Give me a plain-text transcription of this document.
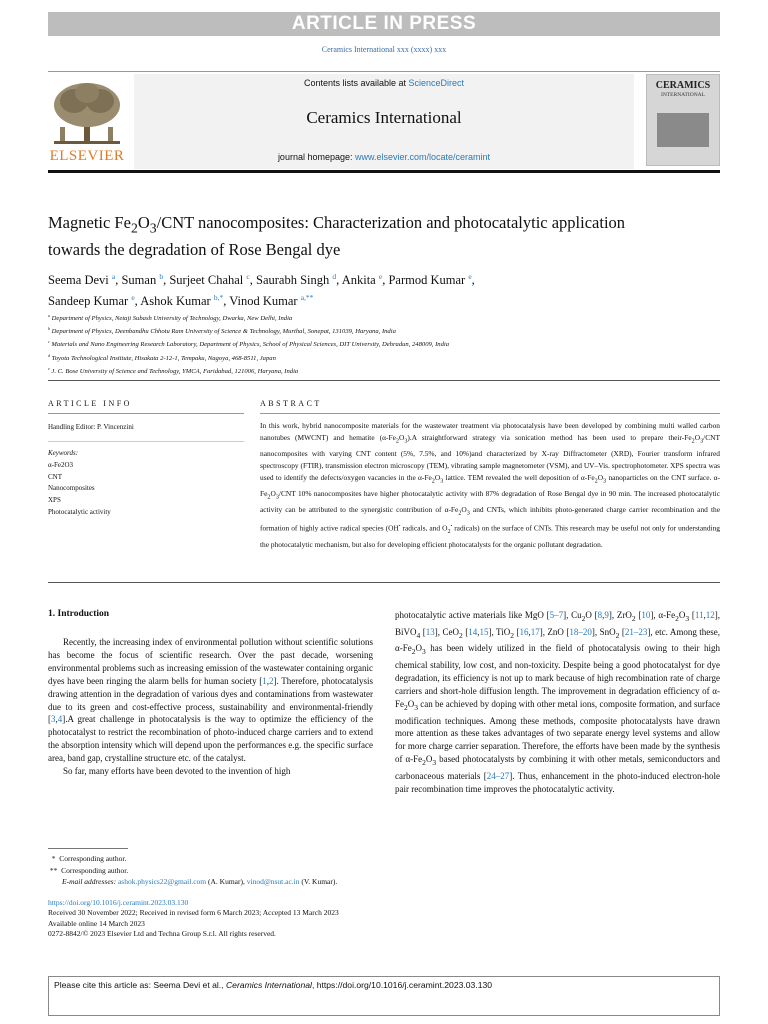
ARTICLE IN PRESS
Ceramics International xxx (xxxx) xxx
ELSEVIER
Contents lists available at ScienceDirect
Ceramics International
journal homepage: www.elsevier.com/locate/ceramint
CERAMICS
INTERNATIONAL
Magnetic $Fe_2O_3$/CNT nanocomposites: Characterization and photocatalytic application towards the degradation of Rose Bengal dye
Seema Devi $^a$, Suman $^b$, Surjeet Chahal $^c$, Saurabh Singh $^d$, Ankita $^e$, Parmod Kumar $^e$,
Sandeep Kumar $^e$, Ashok Kumar $^{b,*}$, Vinod Kumar $^{a,**}$
$^a$ Department of Physics, Netaji Subash University of Technology, Dwarka, New Delhi, India
$^b$ Department of Physics, Deenbandhu Chhotu Ram University of Science & Technology, Murthal, Sonepat, 131039, Haryana, India
$^c$ Materials and Nano Engineering Research Laboratory, Department of Physics, School of Physical Sciences, DIT University, Dehradun, 248009, India
$^d$ Toyota Technological Institute, Hisakata 2-12-1, Tempaku, Nagoya, 468-8511, Japan
$^e$ J. C. Bose University of Science and Technology, YMCA, Faridabad, 121006, Haryana, India
ARTICLE INFO	ABSTRACT
Handling Editor: P. Vincenzini
Keywords:
α-Fe2O3
CNT
Nanocomposites
XPS
Photocatalytic activity
In this work, hybrid nanocomposite materials for the wastewater treatment via photocatalysis have been developed by combining multi walled carbon nanotubes (MWCNT) and hematite $(\alpha-Fe_2O_3).A$ straightforward strategy via sonication method has been used to prepare their-$Fe_2O_3$/CNT nanocomposites with varying CNT content (5%, 7.5%, and 10%)and characterized by X-ray Diffractometer (XRD), Fourier transform infrared spectroscopy (FTIR), transmission electron microscopy (TEM), vibrating sample magnetometer (VSM), and UV–Vis. spectrophotometer. XPS spectra was used to identify the defects/oxygen vacancies in the $\alpha-Fe_2O_3$ lattice. TEM revealed the well deposition of $\alpha-Fe_2O_3$ nanoparticles on the CNT surface. $\alpha-Fe_2O_3$/CNT 10% nanocomposites have higher photocatalytic activity with 87% degradation of Rose Bengal dye in 90 min. The increased photocatalytic activity can be attributed to the synergistic contribution of $\alpha-Fe_2O_3$ and CNTs, which inhibits photo-generated charge carrier recombination and the formation of highly active radical species (OH• radicals, and $O_2^•$ radicals) on the surface of CNTs. This research may be useful not only for understanding the photocatalytic mechanism, but also for developing efficient photocatalysts for the organic pollutant degradation.
1. Introduction

Recently, the increasing index of environmental pollution without scientific solutions has become the focus of scientific research. Over the past decade, worsening environmental problems such as increasing emission of the wastewater containing organic dyes have been ringing the alarm bells for human society [1,2]. Therefore, photocatalysis drawing attention in the degradation of various dyes and contaminations from wastewater due to its green and cost-effective process, sustainability and environmental-friendly [3,4].A great challenge in photocatalysis is the way to optimize the efficiency of the photocatalyst to restrict the recombination of photo-induced charge carriers and to extend the absorption intensity which will depend upon the performances e.g. the specific surface area, band gap, crystalline structure etc. of the catalyst.

So far, many efforts have been devoted to the invention of high

photocatalytic active materials like MgO [5–7], $Cu_2O$ [8,9], ZrO$_2$ [10], $\alpha-Fe_2O_3$ [11,12], BiVO$_4$ [13], CeO$_2$ [14,15], TiO$_2$ [16,17], ZnO [18–20], SnO$_2$ [21–23], etc. Among these, $\alpha-Fe_2O_3$ has been widely utilized in the field of photocatalysis owing to their high chemical stability, low cost, and non-toxicity. Despite being a good photocatalyst for dye degradation, its efficiency is not up to mark because of high recombination rate of charge carriers and short-hole diffusion length. The improvement in degradation efficiency of $\alpha-Fe_2O_3$ can be achieved by doping with other metal ions, composite formation, and surface modification techniques. Among these methods, composite photocatalysts have drawn more attention as these takes advantages of two separate energy level systems and allow for more charge carrier separation. Therefore, the efforts have been made by the synthesis of $\alpha-Fe_2O_3$ based photocatalysts by combining it with other metals, semiconductors and carbonaceous materials [24–27]. Thus, enhancement in the photo-induced electron-hole pair recombination time improves the photocatalytic activity.
*  Corresponding author.
**  Corresponding author.
E-mail addresses: ashok.physics22@gmail.com (A. Kumar), vinod@nsut.ac.in (V. Kumar).
https://doi.org/10.1016/j.ceramint.2023.03.130
Received 30 November 2022; Received in revised form 6 March 2023; Accepted 13 March 2023
Available online 14 March 2023
0272-8842/© 2023 Elsevier Ltd and Techna Group S.r.l. All rights reserved.
Please cite this article as: Seema Devi et al., Ceramics International, https://doi.org/10.1016/j.ceramint.2023.03.130
